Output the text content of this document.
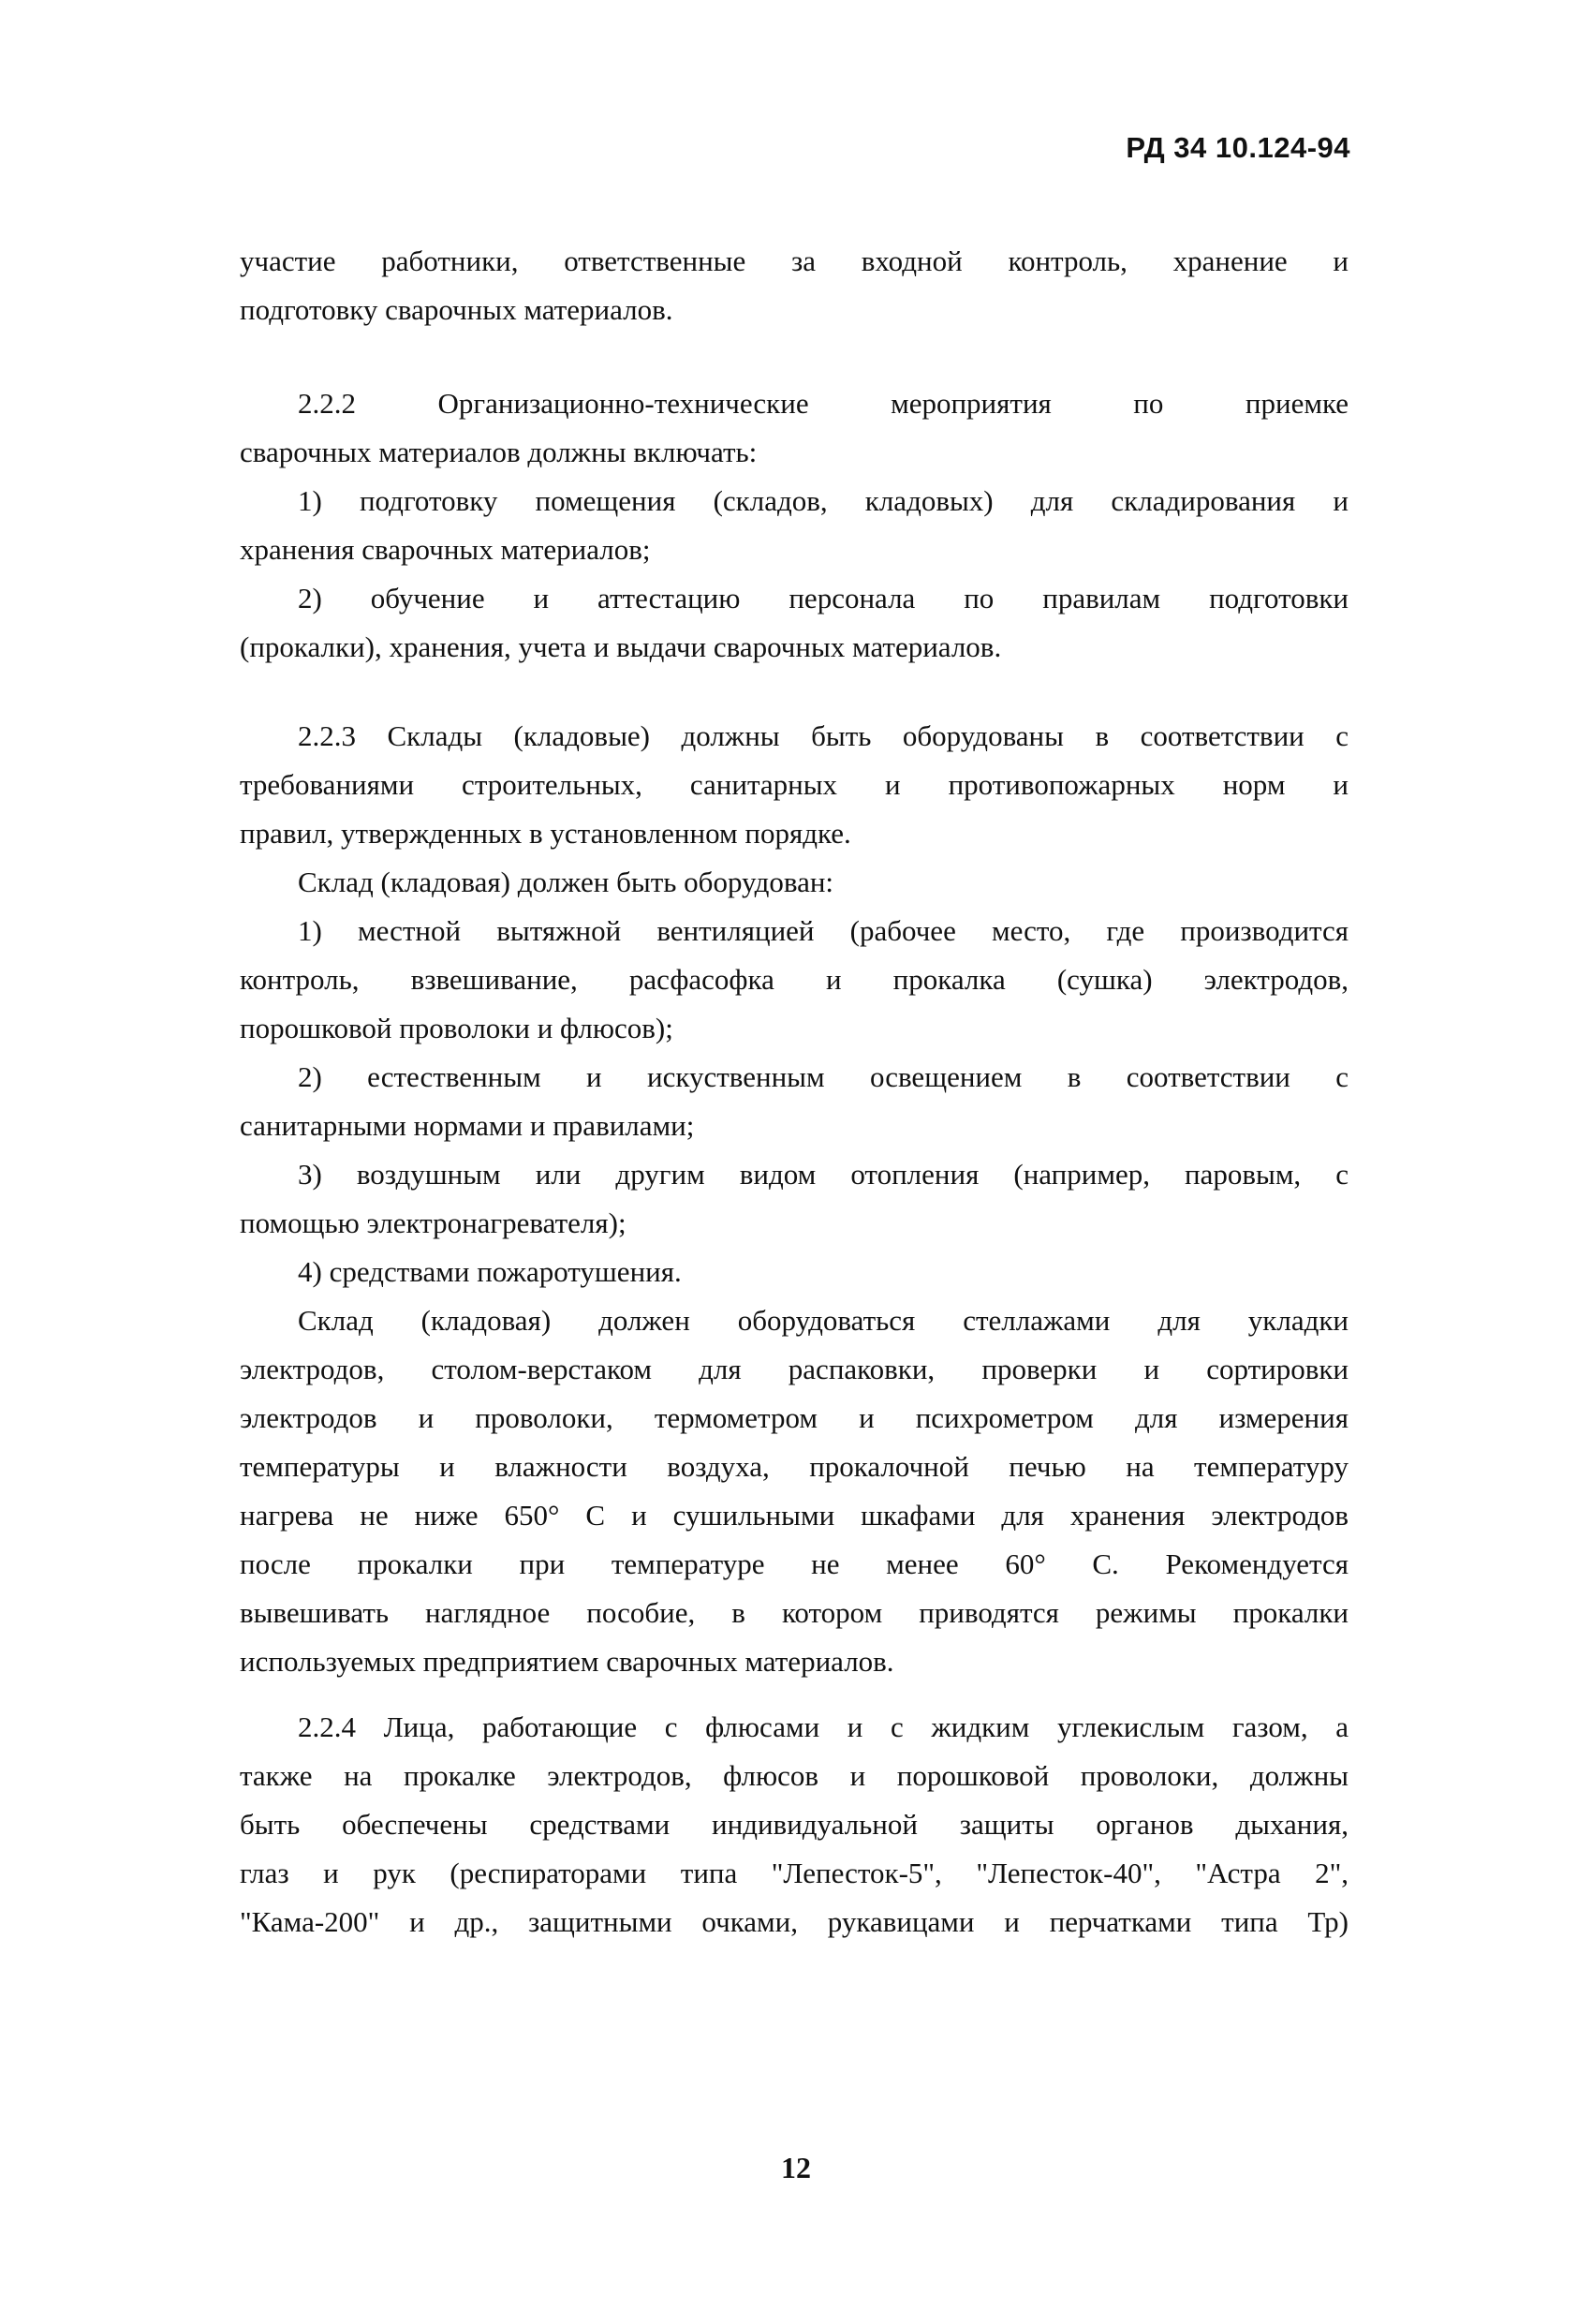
РД 34 10.124-94
участие работники, ответственные за входной контроль, хранение и
подготовку сварочных материалов.
2.2.2 Организационно-технические мероприятия по приемке
сварочных материалов должны включать:
1) подготовку помещения (складов, кладовых) для складирования и
хранения сварочных материалов;
2) обучение и аттестацию персонала по правилам подготовки
(прокалки), хранения, учета и выдачи сварочных материалов.
2.2.3 Склады (кладовые) должны быть оборудованы в соответствии с
требованиями строительных, санитарных и противопожарных норм и
правил, утвержденных в установленном порядке.
Склад (кладовая) должен быть оборудован:
1) местной вытяжной вентиляцией (рабочее место, где производится
контроль, взвешивание, расфасофка и прокалка (сушка) электродов,
порошковой проволоки и флюсов);
2) естественным и искуственным освещением в соответствии с
санитарными нормами и правилами;
3) воздушным или другим видом отопления (например, паровым, с
помощью электронагревателя);
4) средствами пожаротушения.
Склад (кладовая) должен оборудоваться стеллажами для укладки
электродов, столом-верстаком для распаковки, проверки и сортировки
электродов и проволоки, термометром и психрометром для измерения
температуры и влажности воздуха, прокалочной печью на температуру
нагрева не ниже 650° С и сушильными шкафами для хранения электродов
после прокалки при температуре не менее 60° С. Рекомендуется
вывешивать наглядное пособие, в котором приводятся режимы прокалки
используемых предприятием сварочных материалов.
2.2.4 Лица, работающие с флюсами и с жидким углекислым газом, а
также на прокалке электродов, флюсов и порошковой проволоки, должны
быть обеспечены средствами индивидуальной защиты органов дыхания,
глаз и рук (респираторами типа "Лепесток-5", "Лепесток-40", "Астра 2",
"Кама-200" и др., защитными очками, рукавицами и перчатками типа Тр)
12
